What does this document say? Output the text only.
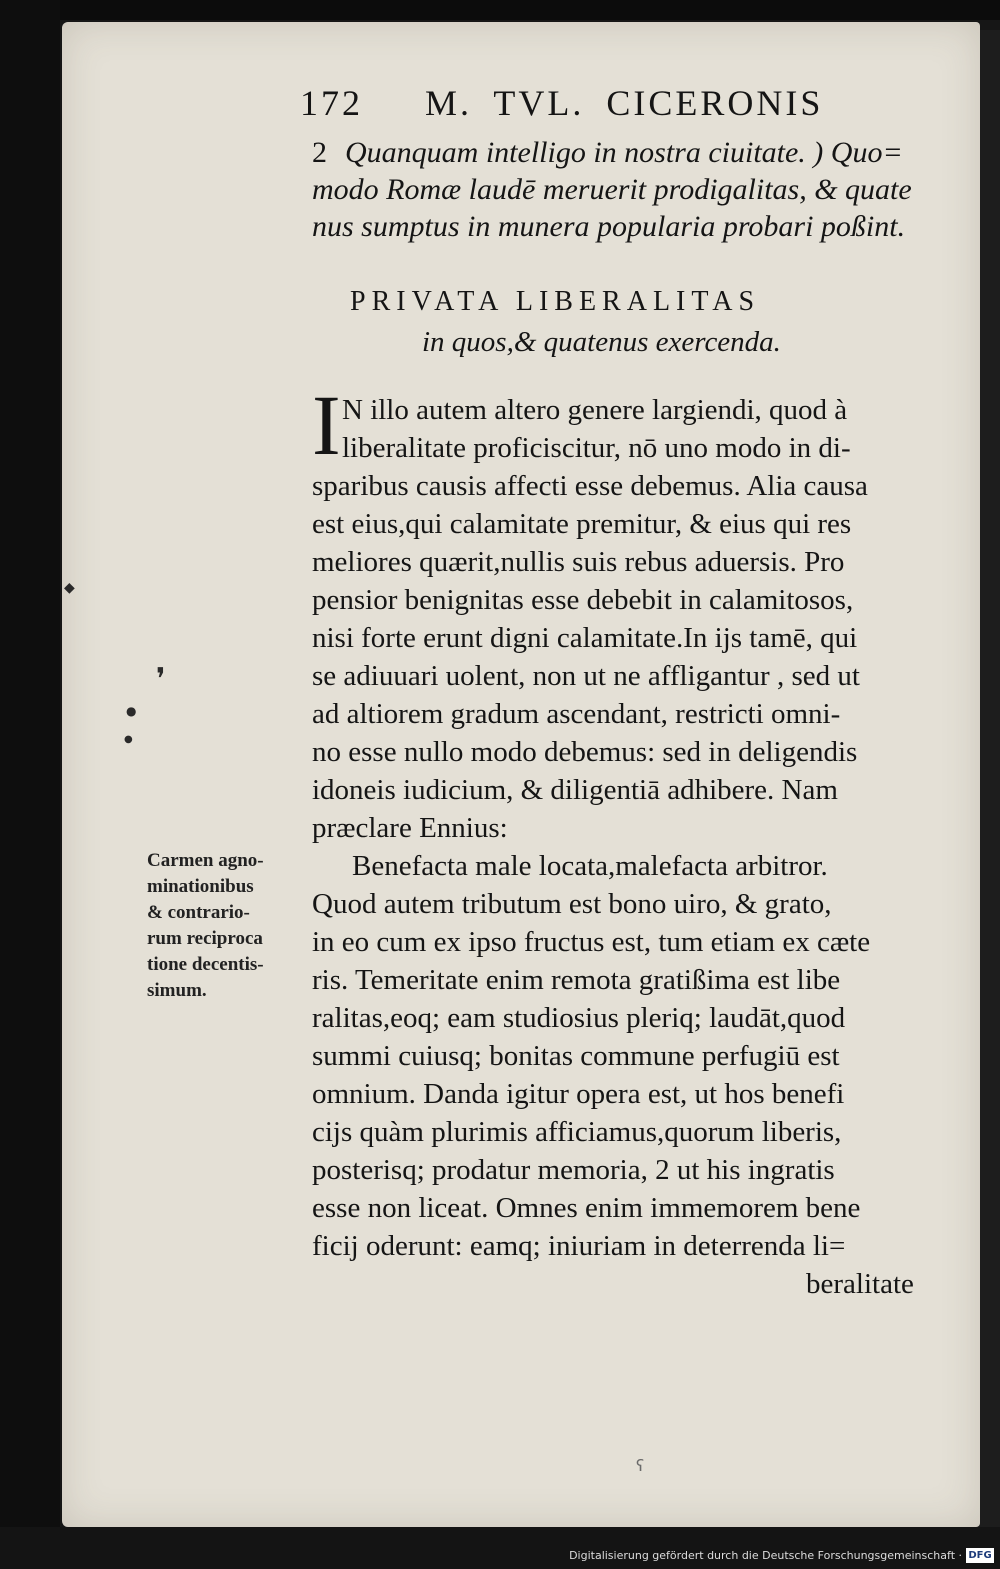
172 M. TVL. CICERONIS
2 Quanquam intelligo in nostra ciuitate. ) Quo=
modo Romæ laudē meruerit prodigalitas, & quate
nus sumptus in munera popularia probari poßint.
PRIVATA LIBERALITAS
in quos,& quatenus exercenda.
I N illo autem altero genere largiendi, quod à
liberalitate proficiscitur, nō uno modo in di-
sparibus causis affecti esse debemus. Alia causa
est eius,qui calamitate premitur, & eius qui res
meliores quærit,nullis suis rebus aduersis. Pro
pensior benignitas esse debebit in calamitosos,
nisi forte erunt digni calamitate.In ijs tamē, qui
se adiuuari uolent, non ut ne affligantur , sed ut
ad altiorem gradum ascendant, restricti omni-
no esse nullo modo debemus: sed in deligendis
idoneis iudicium, & diligentiā adhibere. Nam
præclare Ennius:
Benefacta male locata,malefacta arbitror.
Quod autem tributum est bono uiro, & grato,
in eo cum ex ipso fructus est, tum etiam ex cæte
ris. Temeritate enim remota gratißima est libe
ralitas,eoq; eam studiosius pleriq; laudāt,quod
summi cuiusq; bonitas commune perfugiū est
omnium. Danda igitur opera est, ut hos benefi
cijs quàm plurimis afficiamus,quorum liberis,
posterisq; prodatur memoria, 2 ut his ingratis
esse non liceat. Omnes enim immemorem bene
ficij oderunt: eamq; iniuriam in deterrenda li=
beralitate
Carmen agno-
minationibus
& contrario-
rum reciproca
tione decentis-
simum.
❜
●
●
◆
ʕ
Digitalisierung gefördert durch die Deutsche Forschungsgemeinschaft · DFG
